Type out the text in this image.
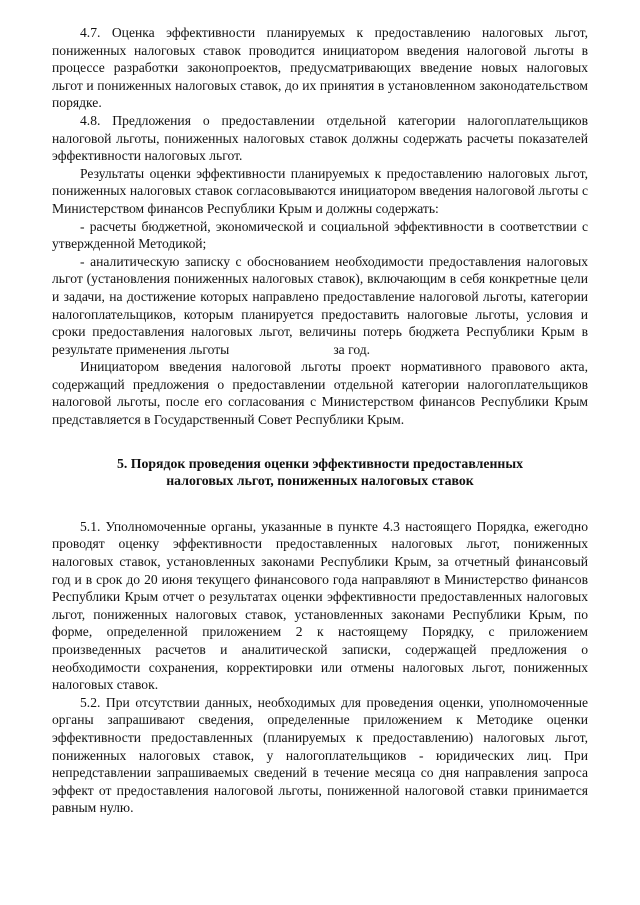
4.7. Оценка эффективности планируемых к предоставлению налоговых льгот, пониженных налоговых ставок проводится инициатором введения налоговой льготы в процессе разработки законопроектов, предусматривающих введение новых налоговых льгот и пониженных налоговых ставок, до их принятия в установленном законодательством порядке.

4.8. Предложения о предоставлении отдельной категории налогоплательщиков налоговой льготы, пониженных налоговых ставок должны содержать расчеты показателей эффективности налоговых льгот.

Результаты оценки эффективности планируемых к предоставлению налоговых льгот, пониженных налоговых ставок согласовываются инициатором введения налоговой льготы с Министерством финансов Республики Крым и должны содержать:

- расчеты бюджетной, экономической и социальной эффективности в соответствии с утвержденной Методикой;

- аналитическую записку с обоснованием необходимости предоставления налоговых льгот (установления пониженных налоговых ставок), включающим в себя конкретные цели и задачи, на достижение которых направлено предоставление налоговой льготы, категории налогоплательщиков, которым планируется предоставить налоговые льготы, условия и сроки предоставления налоговых льгот, величины потерь бюджета Республики Крым в результате применения льготы	за год.

Инициатором введения налоговой льготы проект нормативного правового акта, содержащий предложения о предоставлении отдельной категории налогоплательщиков налоговой льготы, после его согласования с Министерством финансов Республики Крым представляется в Государственный Совет Республики Крым.

5. Порядок проведения оценки эффективности предоставленных
налоговых льгот, пониженных налоговых ставок

5.1. Уполномоченные органы, указанные в пункте 4.3 настоящего Порядка, ежегодно проводят оценку эффективности предоставленных налоговых льгот, пониженных налоговых ставок, установленных законами Республики Крым, за отчетный финансовый год и в срок до 20 июня текущего финансового года направляют в Министерство финансов Республики Крым отчет о результатах оценки эффективности предоставленных налоговых льгот, пониженных налоговых ставок, установленных законами Республики Крым, по форме, определенной приложением 2 к настоящему Порядку, с приложением произведенных расчетов и аналитической записки, содержащей предложения о необходимости сохранения, корректировки или отмены налоговых льгот, пониженных налоговых ставок.

5.2. При отсутствии данных, необходимых для проведения оценки, уполномоченные органы запрашивают сведения, определенные приложением к Методике оценки эффективности предоставленных (планируемых к предоставлению) налоговых льгот, пониженных налоговых ставок, у налогоплательщиков - юридических лиц. При непредставлении запрашиваемых сведений в течение месяца со дня направления запроса эффект от предоставления налоговой льготы, пониженной налоговой ставки принимается равным нулю.
